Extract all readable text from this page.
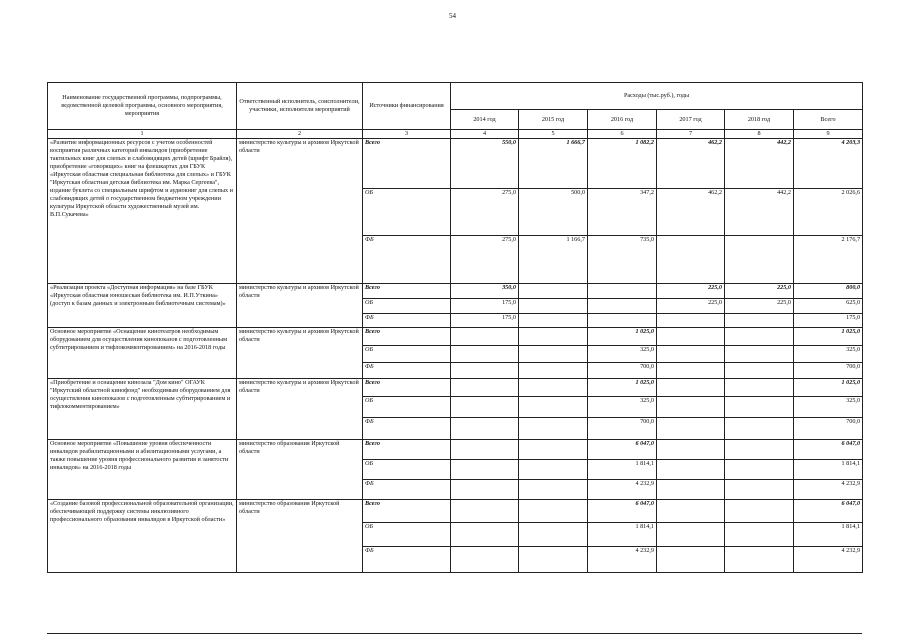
54
Наименование государственной программы, подпрограммы, ведомственной целевой программы, основного мероприятия, мероприятия	Ответственный исполнитель, соисполнители, участники, исполнители мероприятий	Источники финансирования	Расходы (тыс.руб.), годы					
			2014 год	2015 год	2016 год	2017 год	2018 год	Всего
1	2	3	4	5	6	7	8	9
«Развитие информационных ресурсов с учетом особенностей восприятия различных категорий инвалидов (приобретение тактильных книг для слепых и слабовидящих детей (шрифт Брайля), приобретение «говорящих» книг на флешкартах для ГБУК «Иркутская областная специальная библиотека для слепых» и ГБУК "Иркутская областная детская библиотека им. Марка Сергеева", издание буклета со специальным шрифтом и аудиокниг для слепых и слабовидящих детей о государственном бюджетном учреждении культуры Иркутской области художественный музей им. В.П.Сукачева»	министерство культуры и архивов Иркутской области	Всего	550,0	1 666,7	1 082,2	462,2	442,2	4 203,3
		ОБ	275,0	500,0	347,2	462,2	442,2	2 026,6
		ФБ	275,0	1 166,7	735,0			2 176,7
«Реализация проекта «Доступная информация» на базе ГБУК «Иркутская областная юношеская библиотека им. И.П.Уткина» (доступ к базам данных и электронным библиотечным системам)»	министерство культуры и архивов Иркутской области	Всего	350,0			225,0	225,0	800,0
		ОБ	175,0			225,0	225,0	625,0
		ФБ	175,0					175,0
Основное мероприятие «Оснащение кинотеатров необходимым оборудованием для осуществления кинопоказов с подготовленным субтитрированием и тифлокомментированием» на 2016-2018 годы	министерство культуры и архивов Иркутской области	Всего			1 025,0			1 025,0
		ОБ			325,0			325,0
		ФБ			700,0			700,0
«Приобретение и оснащение кинозала "Дом кино" ОГАУК "Иркутский областной кинофонд" необходимым оборудованием для осуществления кинопоказов с подготовленным субтитрированием и тифлокомментированием»	министерство культуры и архивов Иркутской области	Всего			1 025,0			1 025,0
		ОБ			325,0			325,0
		ФБ			700,0			700,0
Основное мероприятие «Повышение уровня обеспеченности инвалидов реабилитационными и абилитационными услугами, а также повышение уровня профессионального развития и занятости инвалидов» на 2016-2018 годы	министерство образования Иркутской области	Всего			6 047,0			6 047,0
		ОБ			1 814,1			1 814,1
		ФБ			4 232,9			4 232,9
«Создание базовой профессиональной образовательной организации, обеспечивающей поддержку системы инклюзивного профессионального образования инвалидов в Иркутской области»	министерство образования Иркутской области	Всего			6 047,0			6 047,0
		ОБ			1 814,1			1 814,1
		ФБ			4 232,9			4 232,9
